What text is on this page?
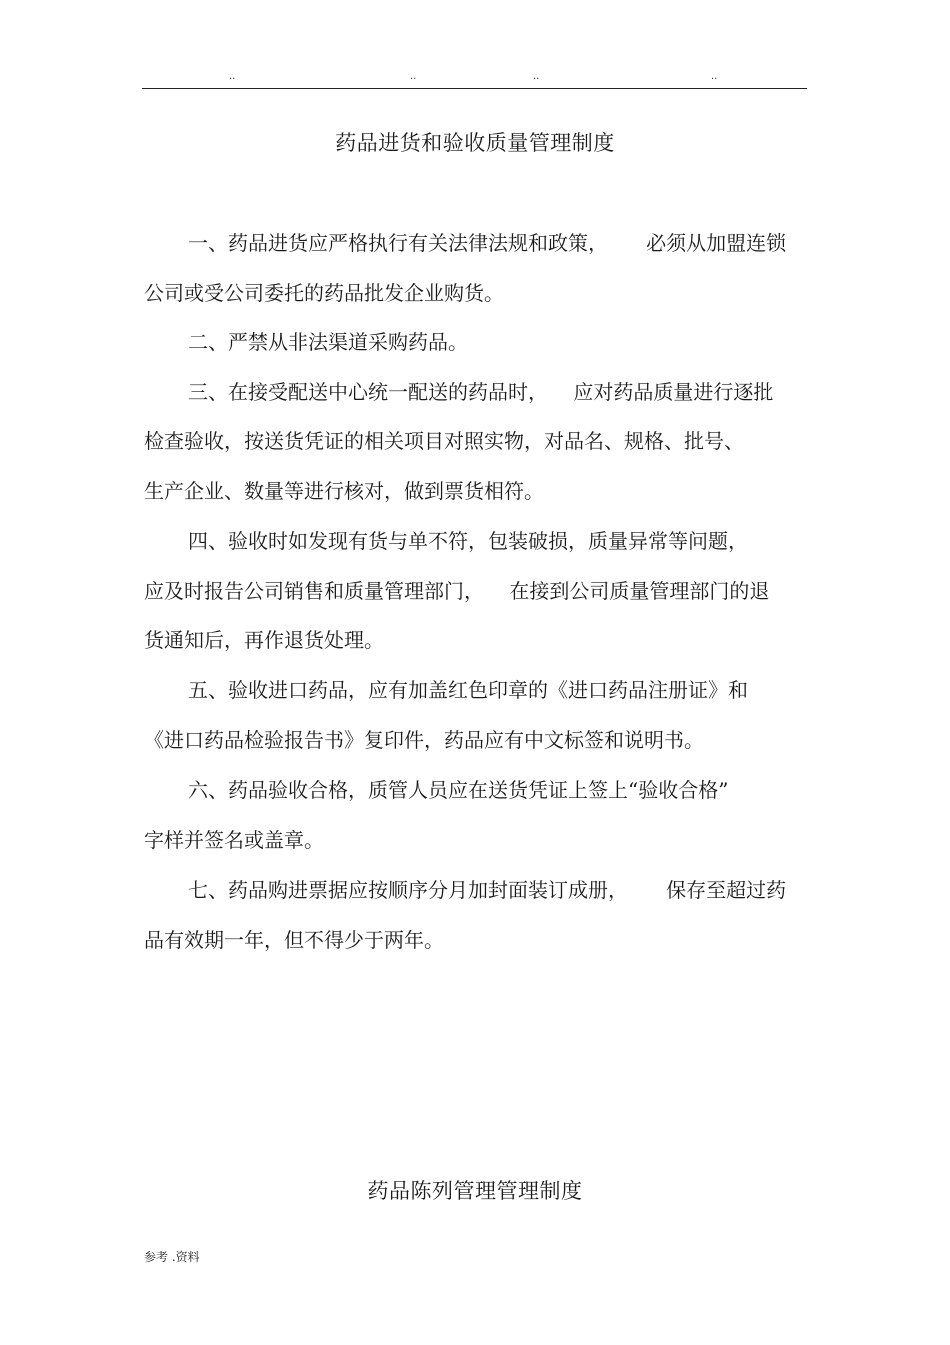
..	..	..	..
药品进货和验收质量管理制度
一、药品进货应严格执行有关法律法规和政策，      必须从加盟连锁
公司或受公司委托的药品批发企业购货。
二、严禁从非法渠道采购药品。
三、在接受配送中心统一配送的药品时，    应对药品质量进行逐批
检查验收，按送货凭证的相关项目对照实物，对品名、规格、批号、
生产企业、数量等进行核对，做到票货相符。
四、验收时如发现有货与单不符，包装破损，质量异常等问题，
应及时报告公司销售和质量管理部门，    在接到公司质量管理部门的退
货通知后，再作退货处理。
五、验收进口药品，应有加盖红色印章的《进口药品注册证》和
《进口药品检验报告书》复印件，药品应有中文标签和说明书。
六、药品验收合格，质管人员应在送货凭证上签上“验收合格”
字样并签名或盖章。
七、药品购进票据应按顺序分月加封面装订成册，      保存至超过药
品有效期一年，但不得少于两年。
药品陈列管理管理制度
参考 .资料
